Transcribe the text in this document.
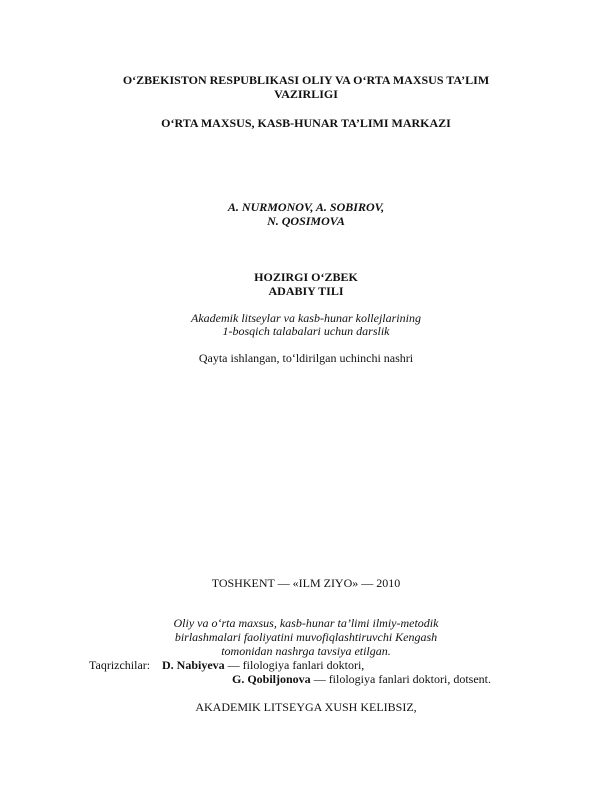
O‘ZBEKISTON RESPUBLIKASI OLIY VA O‘RTA MAXSUS TA’LIM
VAZIRLIGI
O‘RTA MAXSUS, KASB-HUNAR TA’LIMI MARKAZI
A. NURMONOV, A. SOBIROV,
N. QOSIMOVA
HOZIRGI O‘ZBEK
ADABIY TILI
Akademik litseylar va kasb-hunar kollejlarining
1-bosqich talabalari uchun darslik
Qayta ishlangan, to‘ldirilgan uchinchi nashri
TOSHKENT — «ILM ZIYO» — 2010
Oliy va o‘rta maxsus, kasb-hunar ta’limi ilmiy-metodik
birlashmalari faoliyatini muvofiqlashtiruvchi Kengash
tomonidan nashrga tavsiya etilgan.
Taqrizchilar: D. Nabiyeva — filologiya fanlari doktori,
G. Qobiljonova — filologiya fanlari doktori, dotsent.
AKADEMIK LITSEYGA XUSH KELIBSIZ,
